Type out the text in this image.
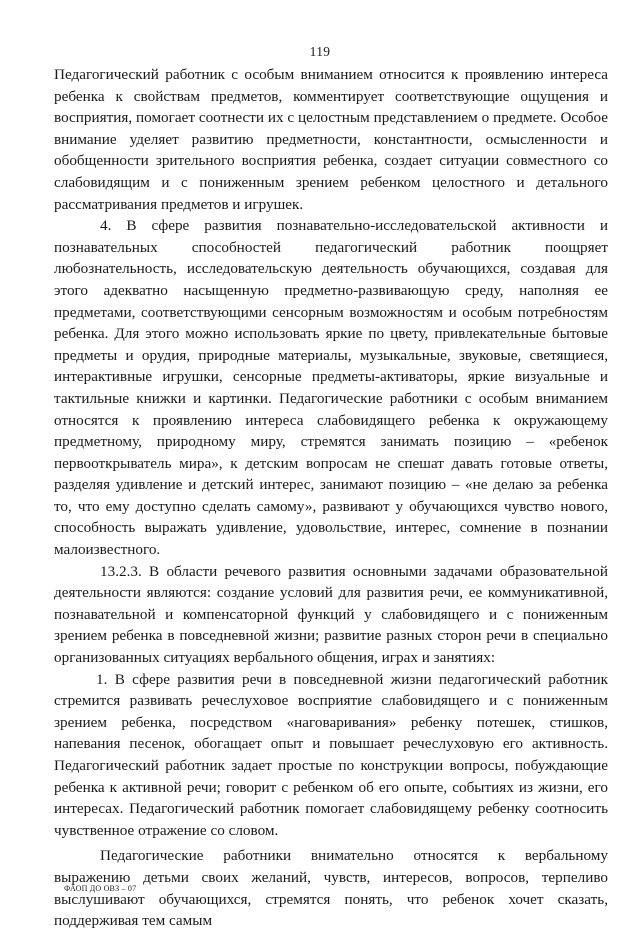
119

Педагогический работник с особым вниманием относится к проявлению интереса ребенка к свойствам предметов, комментирует соответствующие ощущения и восприятия, помогает соотнести их с целостным представлением о предмете. Особое внимание уделяет развитию предметности, константности, осмысленности и обобщенности зрительного восприятия ребенка, создает ситуации совместного со слабовидящим и с пониженным зрением ребенком целостного и детального рассматривания предметов и игрушек.

4. В сфере развития познавательно-исследовательской активности и познавательных способностей педагогический работник поощряет любознательность, исследовательскую деятельность обучающихся, создавая для этого адекватно насыщенную предметно-развивающую среду, наполняя ее предметами, соответствующими сенсорным возможностям и особым потребностям ребенка. Для этого можно использовать яркие по цвету, привлекательные бытовые предметы и орудия, природные материалы, музыкальные, звуковые, светящиеся, интерактивные игрушки, сенсорные предметы-активаторы, яркие визуальные и тактильные книжки и картинки. Педагогические работники с особым вниманием относятся к проявлению интереса слабовидящего ребенка к окружающему предметному, природному миру, стремятся занимать позицию – «ребенок первооткрыватель мира», к детским вопросам не спешат давать готовые ответы, разделяя удивление и детский интерес, занимают позицию – «не делаю за ребенка то, что ему доступно сделать самому», развивают у обучающихся чувство нового, способность выражать удивление, удовольствие, интерес, сомнение в познании малоизвестного.

13.2.3. В области речевого развития основными задачами образовательной деятельности являются: создание условий для развития речи, ее коммуникативной, познавательной и компенсаторной функций у слабовидящего и с пониженным зрением ребенка в повседневной жизни; развитие разных сторон речи в специально организованных ситуациях вербального общения, играх и занятиях:

1. В сфере развития речи в повседневной жизни педагогический работник стремится развивать речеслуховое восприятие слабовидящего и с пониженным зрением ребенка, посредством «наговаривания» ребенку потешек, стишков, напевания песенок, обогащает опыт и повышает речеслуховую его активность. Педагогический работник задает простые по конструкции вопросы, побуждающие ребенка к активной речи; говорит с ребенком об его опыте, событиях из жизни, его интересах. Педагогический работник помогает слабовидящему ребенку соотносить чувственное отражение со словом.

Педагогические работники внимательно относятся к вербальному выражению детьми своих желаний, чувств, интересов, вопросов, терпеливо выслушивают обучающихся, стремятся понять, что ребенок хочет сказать, поддерживая тем самым

ФАОП ДО ОВЗ – 07
